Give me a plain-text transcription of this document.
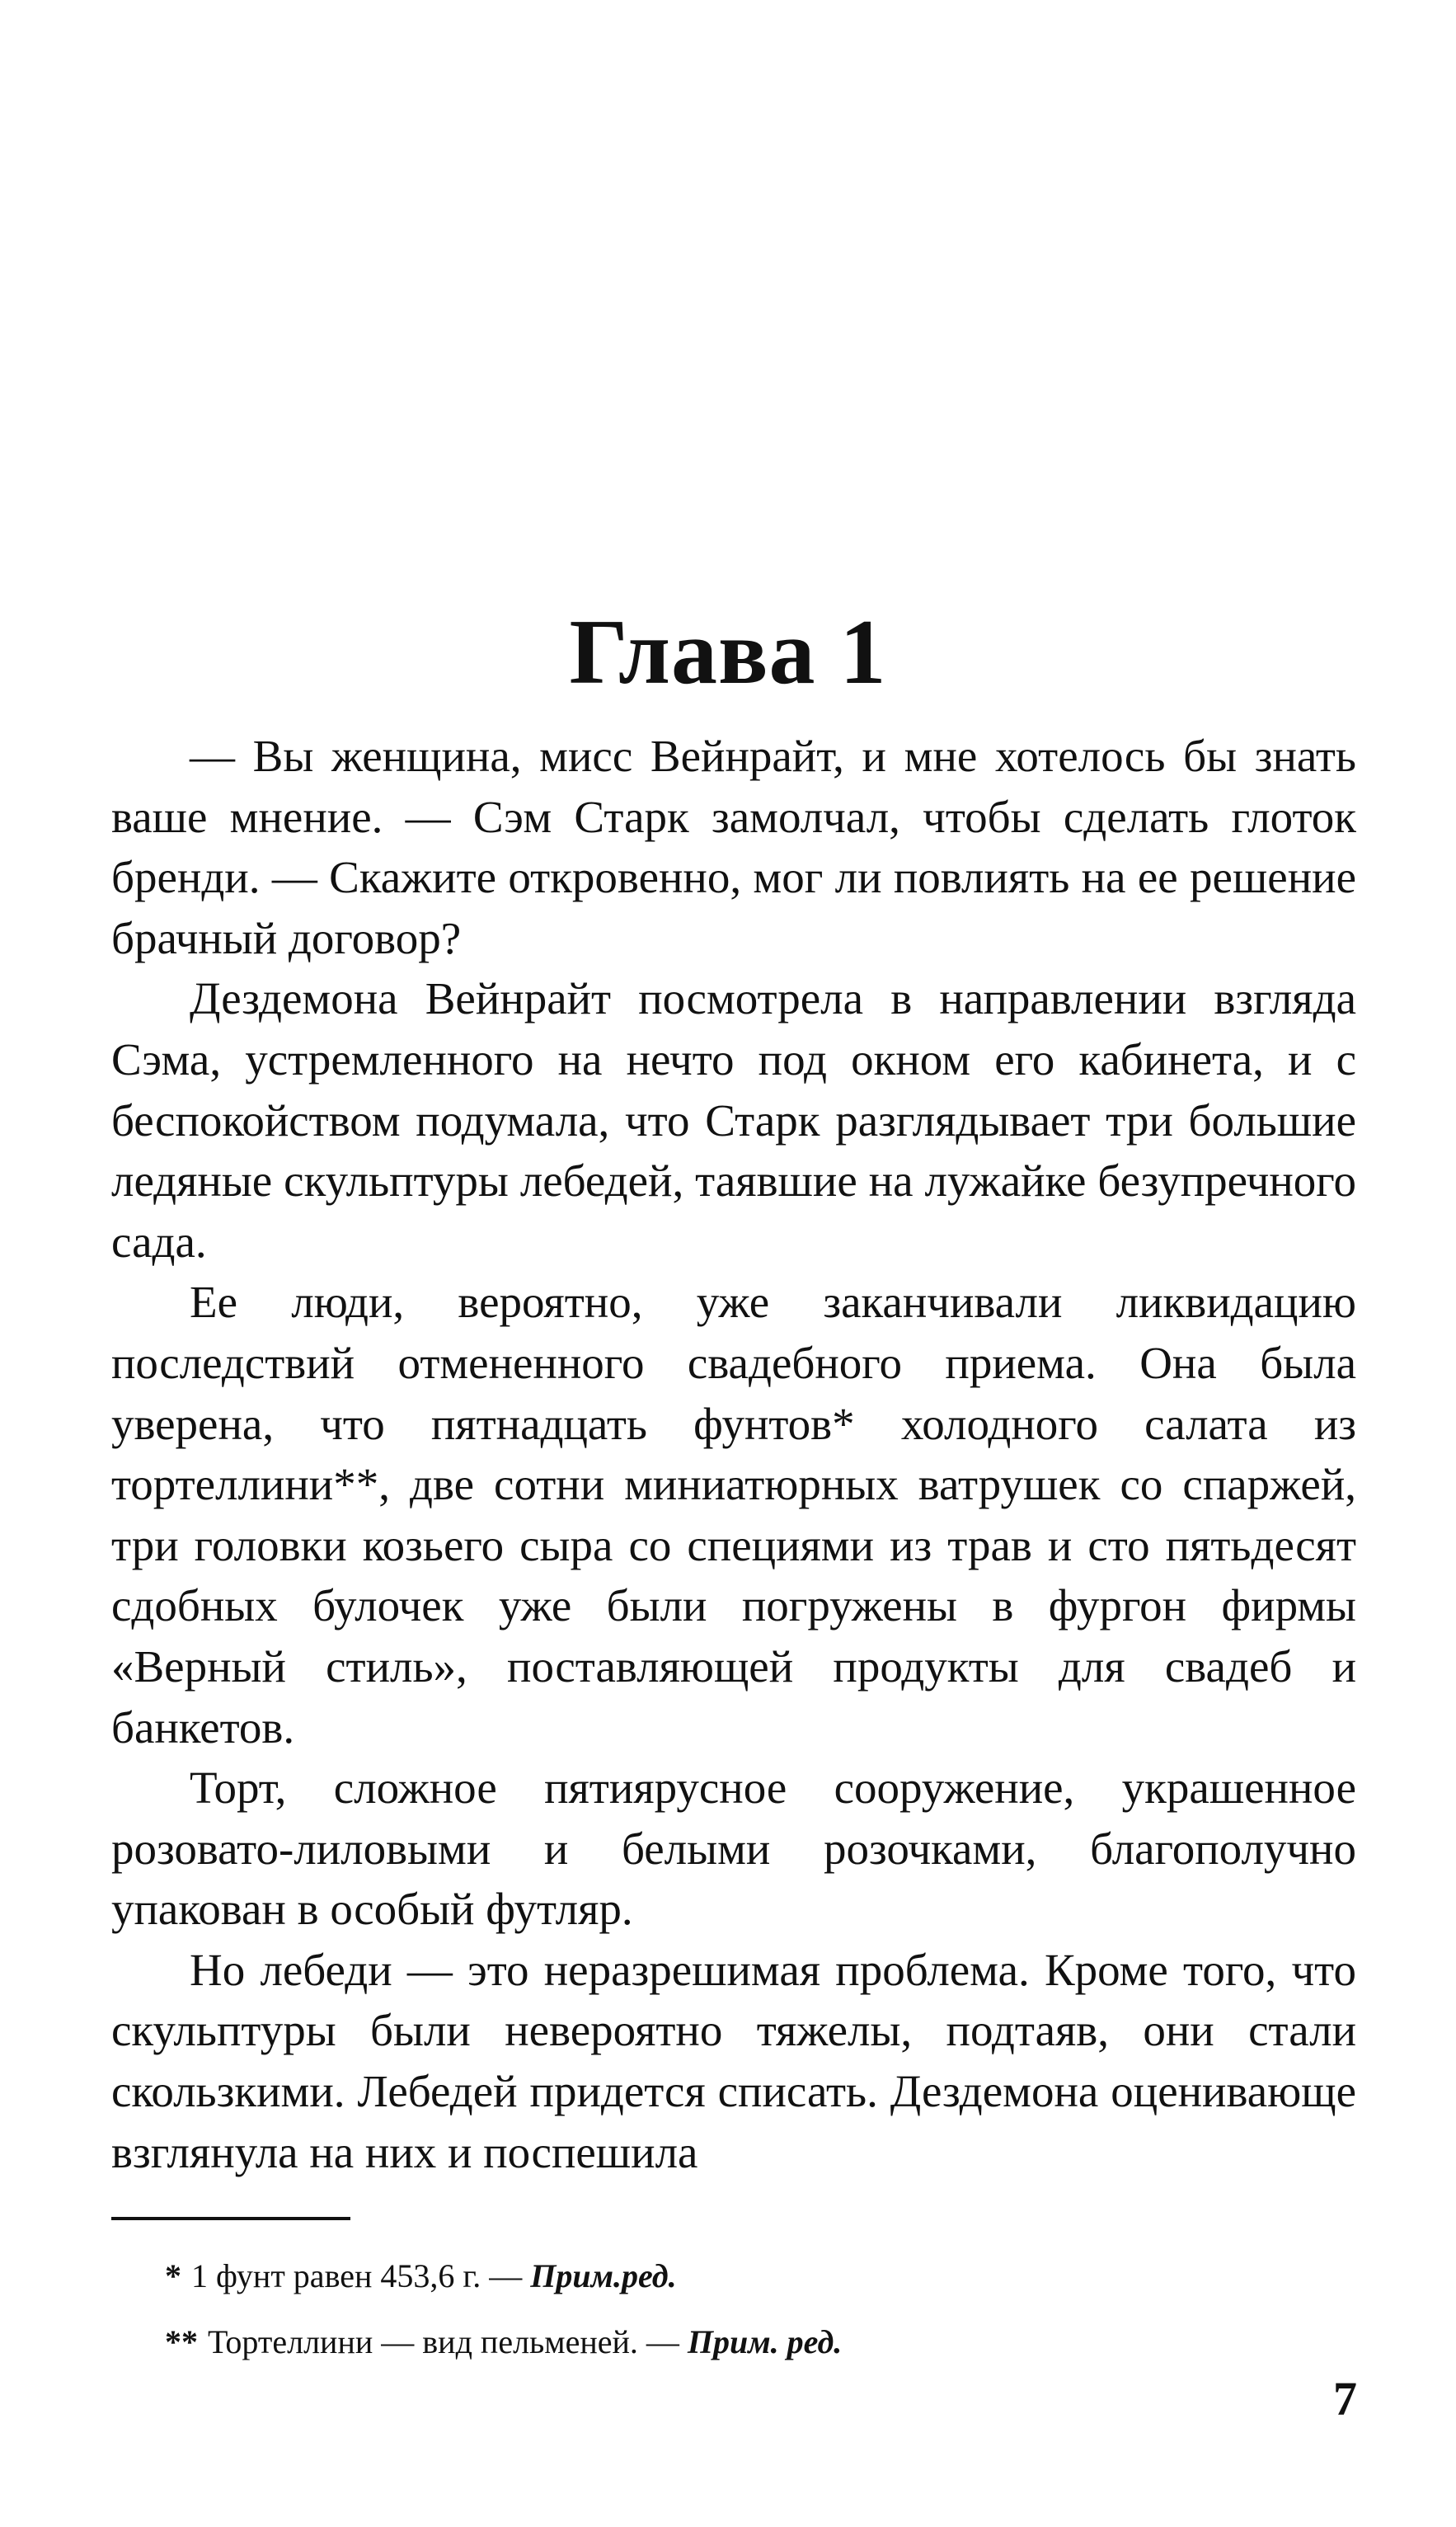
Глава 1

— Вы женщина, мисс Вейнрайт, и мне хотелось бы знать ваше мнение. — Сэм Старк замолчал, чтобы сделать глоток бренди. — Скажите откровенно, мог ли повлиять на ее решение брачный договор?

Дездемона Вейнрайт посмотрела в направлении взгляда Сэма, устремленного на нечто под окном его кабинета, и с беспокойством подумала, что Старк разглядывает три большие ледяные скульптуры лебедей, таявшие на лужайке безупречного сада.

Ее люди, вероятно, уже заканчивали ликвидацию последствий отмененного свадебного приема. Она была уверена, что пятнадцать фунтов* холодного салата из тортеллини**, две сотни миниатюрных ватрушек со спаржей, три головки козьего сыра со специями из трав и сто пятьдесят сдобных булочек уже были погружены в фургон фирмы «Верный стиль», поставляющей продукты для свадеб и банкетов.

Торт, сложное пятиярусное сооружение, украшенное розовато-лиловыми и белыми розочками, благополучно упакован в особый футляр.

Но лебеди — это неразрешимая проблема. Кроме того, что скульптуры были невероятно тяжелы, подтаяв, они стали скользкими. Лебедей придется списать. Дездемона оценивающе взглянула на них и поспешила

* 1 фунт равен 453,6 г. — Прим.ред.
** Тортеллини — вид пельменей. — Прим. ред.
7
